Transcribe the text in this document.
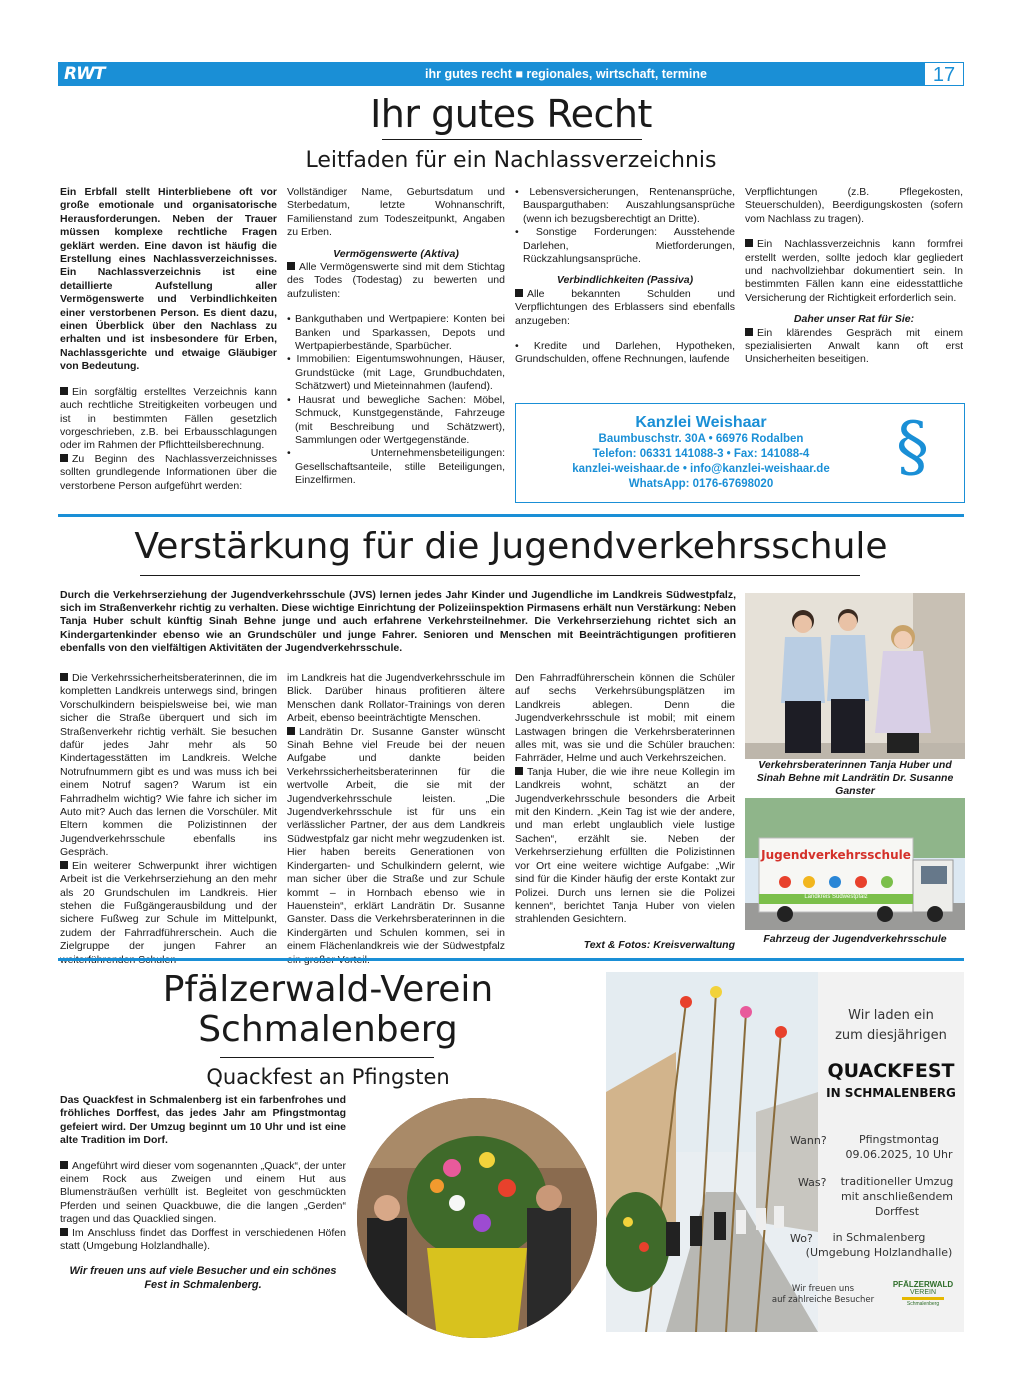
RWT	ihr gutes recht ■ regionales, wirtschaft, termine	17
Ihr gutes Recht
Leitfaden für ein Nachlassverzeichnis

Ein Erbfall stellt Hinterbliebene oft vor große emotionale und organisatorische Herausforderungen. Neben der Trauer müssen komplexe rechtliche Fragen geklärt werden. Eine davon ist häufig die Erstellung eines Nachlassverzeichnisses. Ein Nachlassverzeichnis ist eine detaillierte Aufstellung aller Vermögenswerte und Verbindlichkeiten einer verstorbenen Person. Es dient dazu, einen Überblick über den Nachlass zu erhalten und ist insbesondere für Erben, Nachlassgerichte und etwaige Gläubiger von Bedeutung.

Ein sorgfältig erstelltes Verzeichnis kann auch rechtliche Streitigkeiten vorbeugen und ist in bestimmten Fällen gesetzlich vorgeschrieben, z.B. bei Erbausschlagungen oder im Rahmen der Pflichtteilsberechnung.

Zu Beginn des Nachlassverzeichnisses sollten grundlegende Informationen über die verstorbene Person aufgeführt werden:

Vollständiger Name, Geburtsdatum und Sterbedatum, letzte Wohnanschrift, Familienstand zum Todeszeitpunkt, Angaben zu Erben.

Vermögenswerte (Aktiva)

Alle Vermögenswerte sind mit dem Stichtag des Todes (Todestag) zu bewerten und aufzulisten:

• Bankguthaben und Wertpapiere: Konten bei Banken und Sparkassen, Depots und Wertpapierbestände, Sparbücher.
• Immobilien: Eigentumswohnungen, Häuser, Grundstücke (mit Lage, Grundbuchdaten, Schätzwert) und Mieteinnahmen (laufend).
• Hausrat und bewegliche Sachen: Möbel, Schmuck, Kunstgegenstände, Fahrzeuge (mit Beschreibung und Schätzwert), Sammlungen oder Wertgegenstände.
• Unternehmensbeteiligungen: Gesellschaftsanteile, stille Beteiligungen, Einzelfirmen.
• Lebensversicherungen, Rentenansprüche, Bausparguthaben: Auszahlungsansprüche (wenn ich bezugsberechtigt an Dritte).
• Sonstige Forderungen: Ausstehende Darlehen, Mietforderungen, Rückzahlungsansprüche.

Verbindlichkeiten (Passiva)

Alle bekannten Schulden und Verpflichtungen des Erblassers sind ebenfalls anzugeben:

• Kredite und Darlehen, Hypotheken, Grundschulden, offene Rechnungen, laufende

Verpflichtungen (z.B. Pflegekosten, Steuerschulden), Beerdigungskosten (sofern vom Nachlass zu tragen).

Ein Nachlassverzeichnis kann formfrei erstellt werden, sollte jedoch klar gegliedert und nachvollziehbar dokumentiert sein. In bestimmten Fällen kann eine eidesstattliche Versicherung der Richtigkeit erforderlich sein.

Daher unser Rat für Sie:

Ein klärendes Gespräch mit einem spezialisierten Anwalt kann oft erst Unsicherheiten beseitigen.

Kanzlei Weishaar
Baumbuschstr. 30A • 66976 Rodalben
Telefon: 06331 141088-3 • Fax: 141088-4
kanzlei-weishaar.de • info@kanzlei-weishaar.de
WhatsApp: 0176-67698020	§
Verstärkung für die Jugendverkehrsschule

Durch die Verkehrserziehung der Jugendverkehrsschule (JVS) lernen jedes Jahr Kinder und Jugendliche im Landkreis Südwestpfalz, sich im Straßenverkehr richtig zu verhalten. Diese wichtige Einrichtung der Polizeiinspektion Pirmasens erhält nun Verstärkung: Neben Tanja Huber schult künftig Sinah Behne junge und auch erfahrene Verkehrsteilnehmer. Die Verkehrserziehung richtet sich an Kindergartenkinder ebenso wie an Grundschüler und junge Fahrer. Senioren und Menschen mit Beeinträchtigungen profitieren ebenfalls von den vielfältigen Aktivitäten der Jugendverkehrsschule.

Die Verkehrssicherheitsberaterinnen, die im kompletten Landkreis unterwegs sind, bringen Vorschulkindern beispielsweise bei, wie man sicher die Straße überquert und sich im Straßenverkehr richtig verhält. Sie besuchen dafür jedes Jahr mehr als 50 Kindertagesstätten im Landkreis. Welche Notrufnummern gibt es und was muss ich bei einem Notruf sagen? Warum ist ein Fahrradhelm wichtig? Wie fahre ich sicher im Auto mit? Auch das lernen die Vorschüler. Mit Eltern kommen die Polizistinnen der Jugendverkehrsschule ebenfalls ins Gespräch.

Ein weiterer Schwerpunkt ihrer wichtigen Arbeit ist die Verkehrserziehung an den mehr als 20 Grundschulen im Landkreis. Hier stehen die Fußgängerausbildung und der sichere Fußweg zur Schule im Mittelpunkt, zudem der Fahrradführerschein. Auch die Zielgruppe der jungen Fahrer an

im Landkreis hat die Jugendverkehrsschule im Blick. Darüber hinaus profitieren ältere Menschen dank Rollator-Trainings von deren Arbeit, ebenso beeinträchtigte Menschen.

Landrätin Dr. Susanne Ganster wünscht Sinah Behne viel Freude bei der neuen Aufgabe und dankte beiden Verkehrssicherheitsberaterinnen für die wertvolle Arbeit, die sie mit der Jugendverkehrsschule leisten. „Die Jugendverkehrsschule ist für uns ein verlässlicher Partner, der aus dem Landkreis Südwestpfalz gar nicht mehr wegzudenken ist. Hier haben bereits Generationen von Kindergarten- und Schulkindern gelernt, wie man sicher über die Straße und zur Schule kommt – in Hornbach ebenso wie in Hauenstein“, erklärt Landrätin Dr. Susanne Ganster. Dass die Verkehrsberaterinnen in die Kindergärten und Schulen kommen, sei in einem Flächenlandkreis wie der Südwestpfalz

Den Fahrradführerschein können die Schüler auf sechs Verkehrsübungsplätzen im Landkreis ablegen. Denn die Jugendverkehrsschule ist mobil; mit einem Lastwagen bringen die Verkehrsberaterinnen alles mit, was sie und die Schüler brauchen: Fahrräder, Helme und auch Verkehrszeichen.

Tanja Huber, die wie ihre neue Kollegin im Landkreis wohnt, schätzt an der Jugendverkehrsschule besonders die Arbeit mit den Kindern. „Kein Tag ist wie der andere, und man erlebt unglaublich viele lustige Sachen“, erzählt sie. Neben der Verkehrserziehung erfüllten die Polizistinnen vor Ort eine weitere wichtige Aufgabe: „Wir sind für die Kinder häufig der erste Kontakt zur Polizei. Durch uns lernen sie die Polizei kennen“, berichtet Tanja Huber von vielen strahlenden Gesichtern.

Text & Fotos: Kreisverwaltung

Verkehrsberaterinnen Tanja Huber und Sinah Behne mit Landrätin Dr. Susanne Ganster

Jugendverkehrsschule
Landkreis Südwestpfalz

Fahrzeug der Jugendverkehrsschule

Pfälzerwald-Verein
Schmalenberg
Quackfest an Pfingsten

Das Quackfest in Schmalenberg ist ein farbenfrohes und fröhliches Dorffest, das jedes Jahr am Pfingstmontag gefeiert wird. Der Umzug beginnt um 10 Uhr und ist eine alte Tradition im Dorf.

Angeführt wird dieser vom sogenannten „Quack“, der unter einem Rock aus Zweigen und einem Hut aus Blumensträußen verhüllt ist. Begleitet von geschmückten Pferden und seinen Quackbuwe, die die langen „Gerden“ tragen und das Quacklied singen.

Im Anschluss findet das Dorffest in verschiedenen Höfen statt (Umgebung Holzlandhalle).

Wir freuen uns auf viele Besucher und ein schönes Fest in Schmalenberg.

Wir laden ein
zum diesjährigen
QUACKFEST
IN SCHMALENBERG
Wann?	Pfingstmontag
09.06.2025, 10 Uhr
Was? traditioneller Umzug
mit anschließendem
Dorffest
Wo?	in Schmalenberg
(Umgebung Holzlandhalle)
Wir freuen uns
auf zahlreiche Besucher
PFÄLZERWALD
VEREIN
Schmalenberg
